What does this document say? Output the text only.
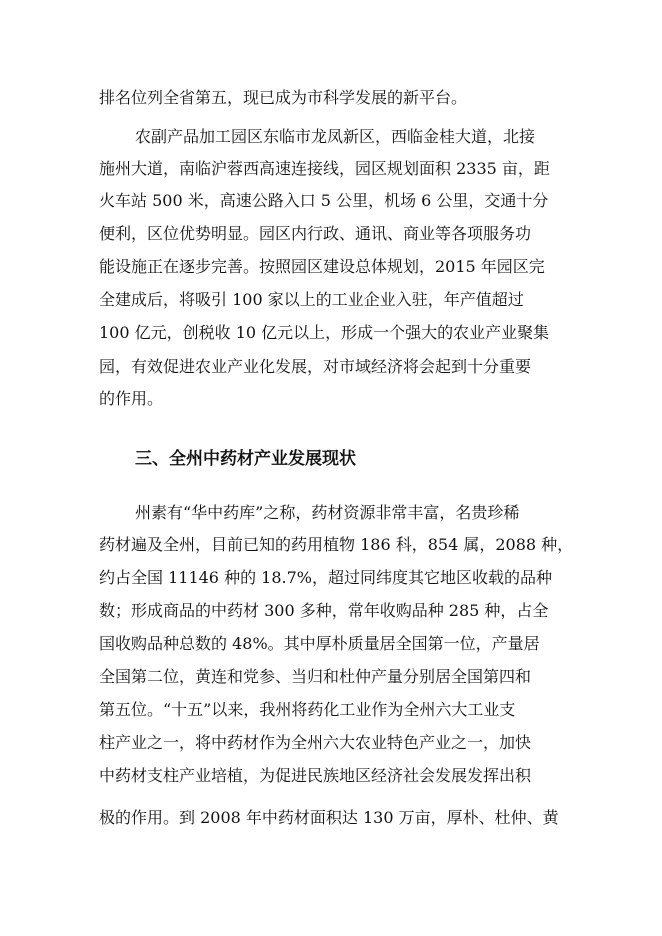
排名位列全省第五，现已成为市科学发展的新平台。
农副产品加工园区东临市龙凤新区，西临金桂大道，北接
施州大道，南临沪蓉西高速连接线，园区规划面积 2335 亩，距
火车站 500 米，高速公路入口 5 公里，机场 6 公里，交通十分
便利，区位优势明显。园区内行政、通讯、商业等各项服务功
能设施正在逐步完善。按照园区建设总体规划，2015 年园区完
全建成后，将吸引 100 家以上的工业企业入驻，年产值超过
100 亿元，创税收 10 亿元以上，形成一个强大的农业产业聚集
园，有效促进农业产业化发展，对市域经济将会起到十分重要
的作用。
三、全州中药材产业发展现状
州素有“华中药库”之称，药材资源非常丰富，名贵珍稀
药材遍及全州，目前已知的药用植物 186 科，854 属，2088 种，
约占全国 11146 种的 18.7%，超过同纬度其它地区收载的品种
数；形成商品的中药材 300 多种，常年收购品种 285 种，占全
国收购品种总数的 48%。其中厚朴质量居全国第一位，产量居
全国第二位，黄连和党参、当归和杜仲产量分别居全国第四和
第五位。“十五”以来，我州将药化工业作为全州六大工业支
柱产业之一，将中药材作为全州六大农业特色产业之一，加快
中药材支柱产业培植，为促进民族地区经济社会发展发挥出积
极的作用。到 2008 年中药材面积达 130 万亩，厚朴、杜仲、黄
